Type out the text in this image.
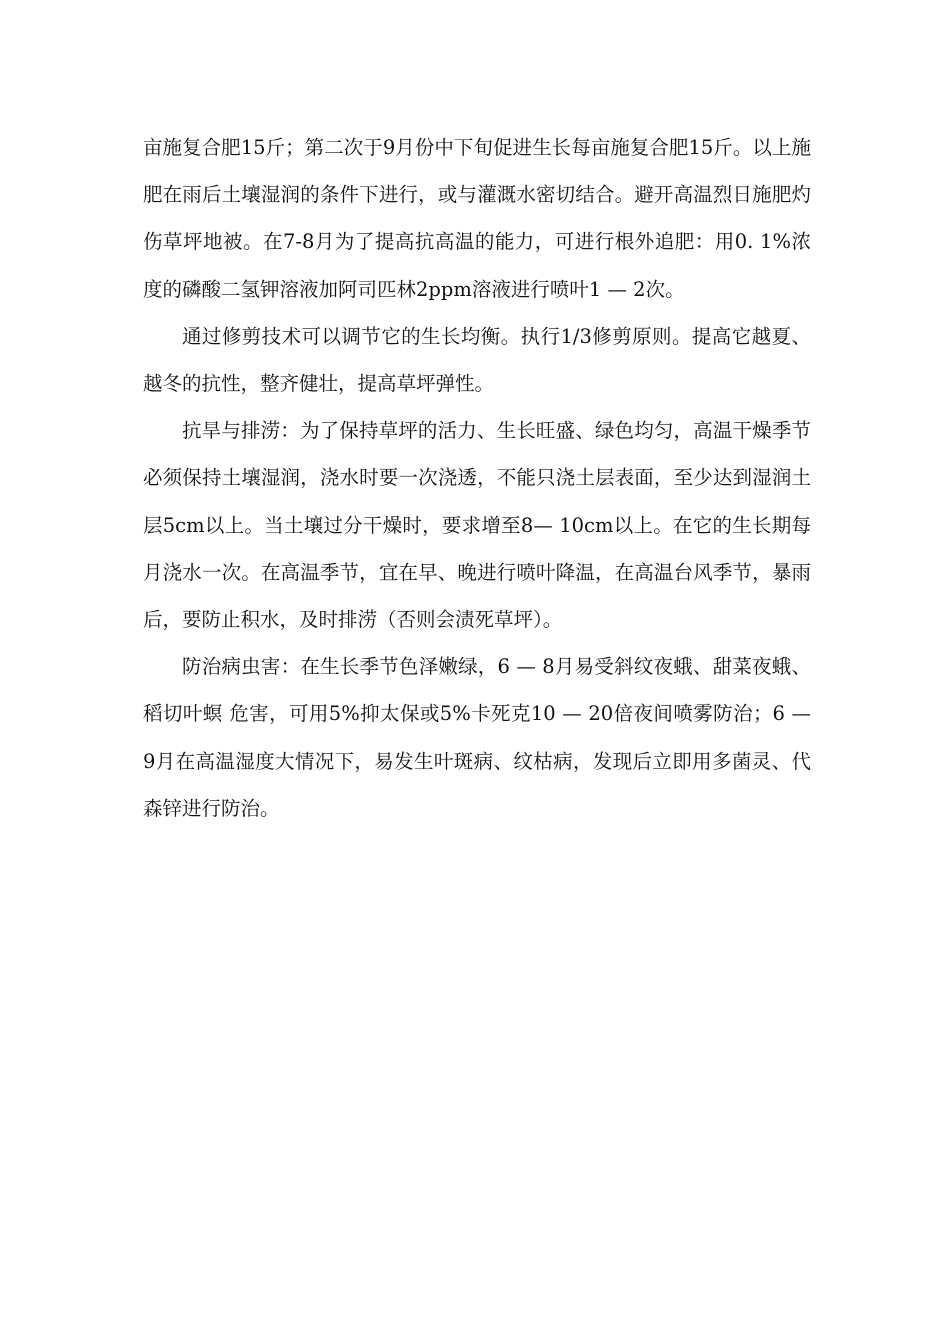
亩施复合肥15斤；第二次于9月份中下旬促进生长每亩施复合肥15斤。以上施肥在雨后土壤湿润的条件下进行，或与灌溉水密切结合。避开高温烈日施肥灼伤草坪地被。在7-8月为了提高抗高温的能力，可进行根外追肥：用0. 1%浓度的磷酸二氢钾溶液加阿司匹林2ppm溶液进行喷叶1 — 2次。

通过修剪技术可以调节它的生长均衡。执行1/3修剪原则。提高它越夏、越冬的抗性，整齐健壮，提高草坪弹性。

抗旱与排涝：为了保持草坪的活力、生长旺盛、绿色均匀，高温干燥季节必须保持土壤湿润，浇水时要一次浇透，不能只浇土层表面，至少达到湿润土层5cm以上。当土壤过分干燥时，要求增至8— 10cm以上。在它的生长期每月浇水一次。在高温季节，宜在早、晚进行喷叶降温，在高温台风季节，暴雨后，要防止积水，及时排涝（否则会渍死草坪）。

防治病虫害：在生长季节色泽嫩绿，6 — 8月易受斜纹夜蛾、甜菜夜蛾、稻切叶螟 危害，可用5%抑太保或5%卡死克10 — 20倍夜间喷雾防治；6 — 9月在高温湿度大情况下，易发生叶斑病、纹枯病，发现后立即用多菌灵、代森锌进行防治。
